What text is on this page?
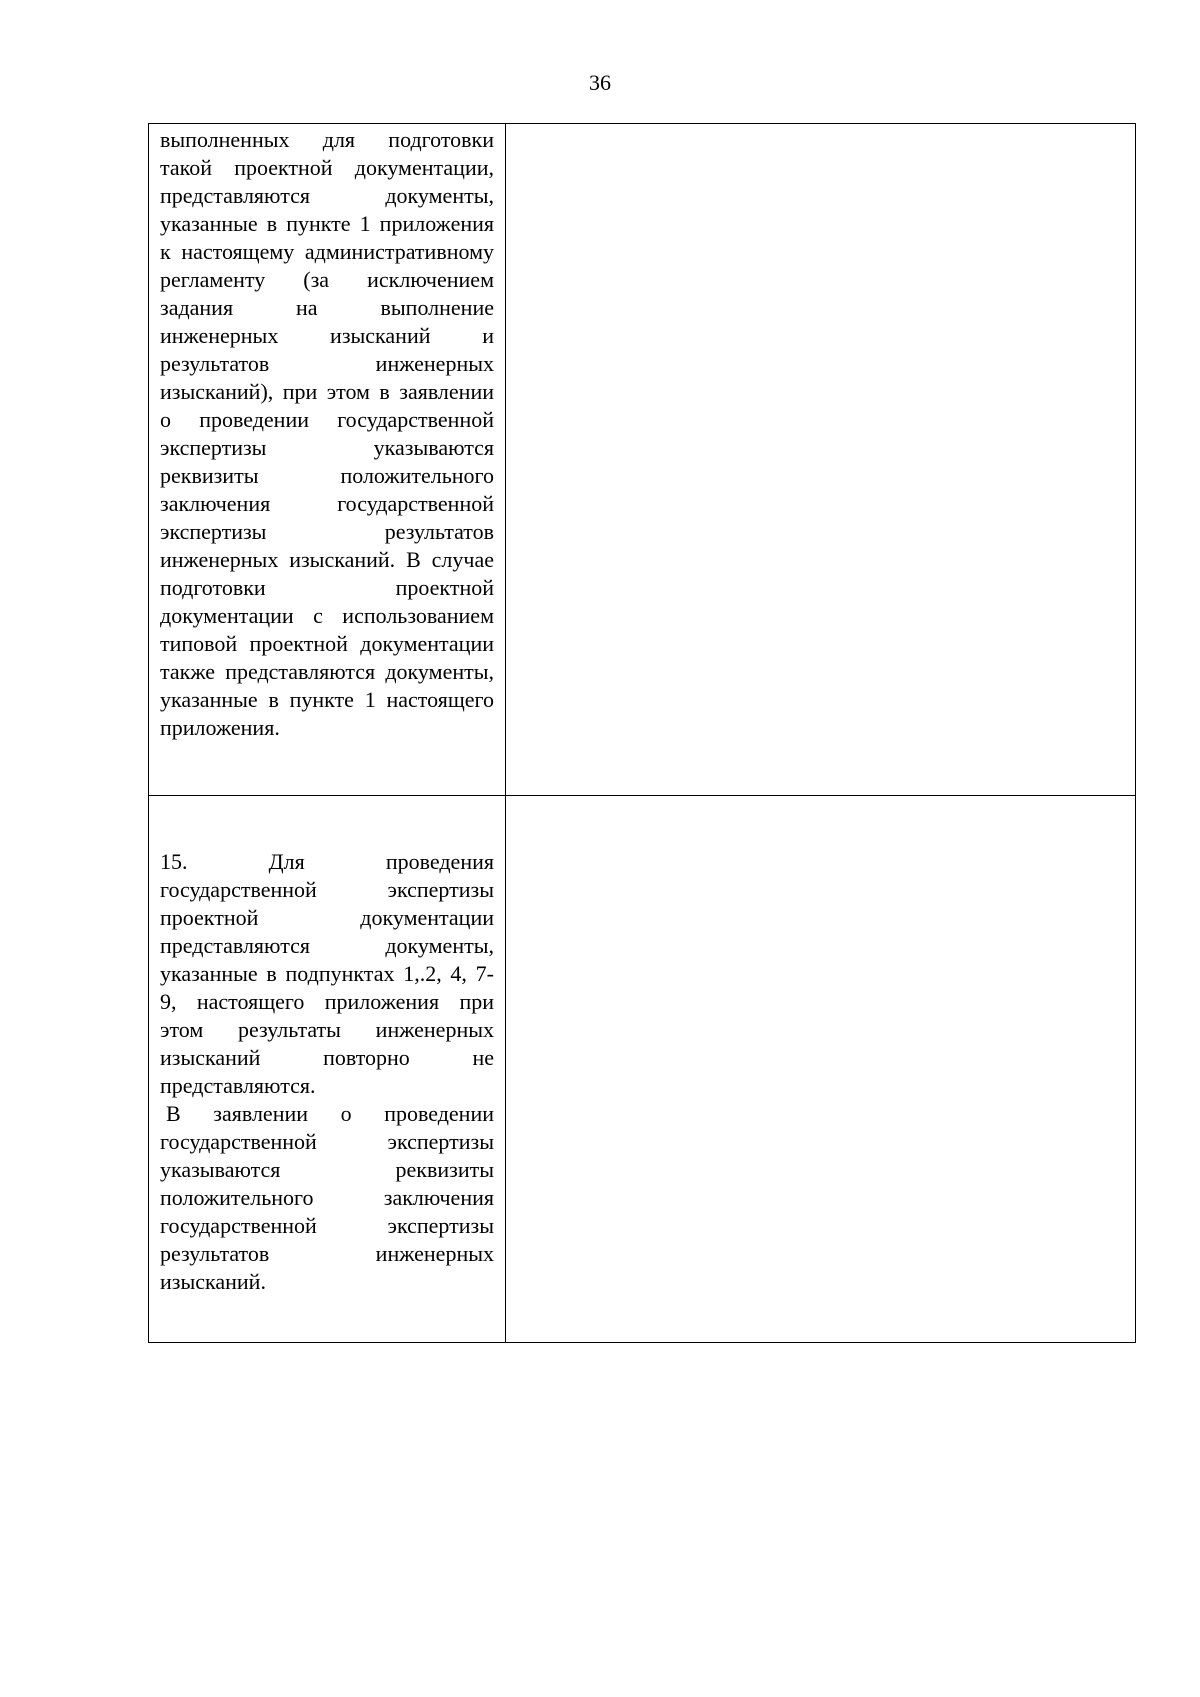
36

выполненных для подготовки такой проектной документации, представляются документы, указанные в пункте 1 приложения к настоящему административному регламенту (за исключением задания на выполнение инженерных изысканий и результатов инженерных изысканий), при этом в заявлении о проведении государственной экспертизы указываются реквизиты положительного заключения государственной экспертизы результатов инженерных изысканий. В случае подготовки проектной документации с использованием типовой проектной документации также представляются документы, указанные в пункте 1 настоящего приложения.	

15. Для проведения государственной экспертизы проектной документации представляются документы, указанные в подпунктах 1,.2, 4, 7-9, настоящего приложения при этом результаты инженерных изысканий повторно не представляются.

В заявлении о проведении государственной экспертизы указываются реквизиты положительного заключения государственной экспертизы результатов инженерных изысканий.	
